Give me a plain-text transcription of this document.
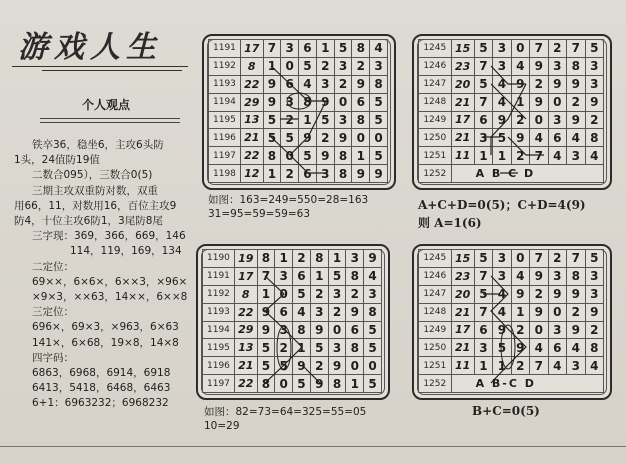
游戏人生
个人观点

铁卒36，稳坐6，主攻6头防

1头，24值防19值

二数合095），三数合0(5)

三期主攻双重防对数，双重

用66，11，对数用16，百位主攻9

防4，十位主攻6防1，3尾防8尾

三字现：369，366，669，146

114，119，169，134

二定位：

69××，6×6×，6××3，×96×

×9×3，××63，14××，6××8

三定位：

696×，69×3，×963，6×63

141×，6×68，19×8，14×8

四字码：

6863，6968，6914，6918

6413，5418，6468，6463

6+1：6963232；6968232

1191	17	7	3	6	1	5	8	4
1192	8	1	0	5	2	3	2	3
1193	22	9	6	4	3	2	9	8
1194	29	9	3	8	9	0	6	5
1195	13	5	2	1	5	3	8	5
1196	21	5	5	9	2	9	0	0
1197	22	8	0	5	9	8	1	5
1198	12	1	2	6	3	8	9	9
如图：163=249=550=28=163
31=95=59=59=63
1245	15	5	3	0	7	2	7	5
1246	23	7	3	4	9	3	8	3
1247	20	5	4	9	2	9	9	3
1248	21	7	4	1	9	0	2	9
1249	17	6	9	2	0	3	9	2
1250	21	3	5	9	4	6	4	8
1251	11	1	1	2	7	4	3	4
1252	A B C D							
A+C+D=0(5)；C+D=4(9)
则 A=1(6)
1190	19	8	1	2	8	1	3	9
1191	17	7	3	6	1	5	8	4
1192	8	1	0	5	2	3	2	3
1193	22	9	6	4	3	2	9	8
1194	29	9	3	8	9	0	6	5
1195	13	5	2	1	5	3	8	5
1196	21	5	5	9	2	9	0	0
1197	22	8	0	5	9	8	1	5
如图：82=73=64=325=55=05
10=29
1245	15	5	3	0	7	2	7	5
1246	23	7	3	4	9	3	8	3
1247	20	5	4	9	2	9	9	3
1248	21	7	4	1	9	0	2	9
1249	17	6	9	2	0	3	9	2
1250	21	3	5	9	4	6	4	8
1251	11	1	1	2	7	4	3	4
1252	A B-C D							
B+C=0(5)
